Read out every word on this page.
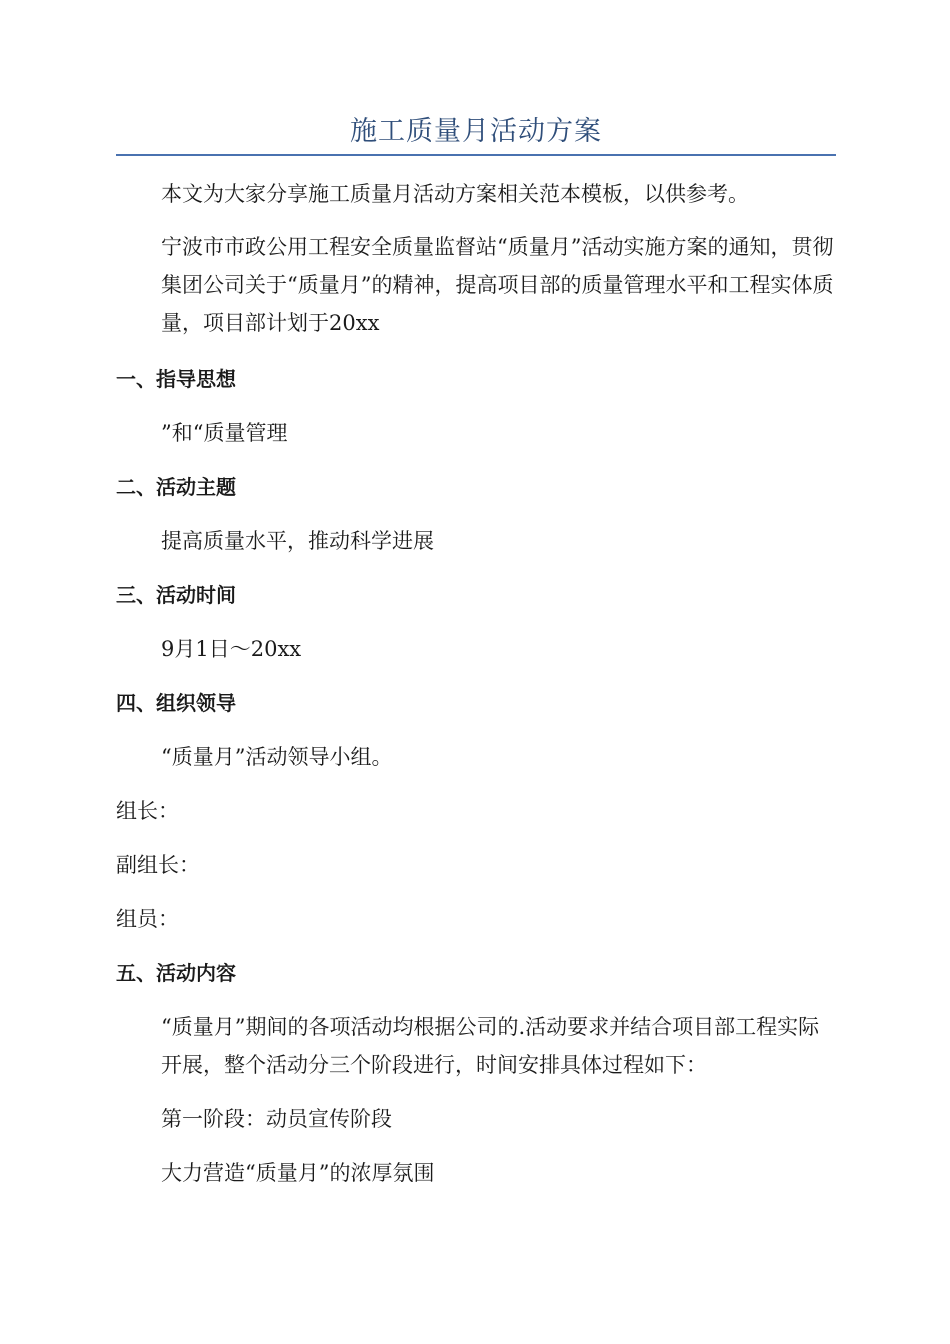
施工质量月活动方案

本文为大家分享施工质量月活动方案相关范本模板，以供参考。

宁波市市政公用工程安全质量监督站“质量月”活动实施方案的通知，贯彻集团公司关于“质量月”的精神，提高项目部的质量管理水平和工程实体质量，项目部计划于20xx

一、指导思想

”和“质量管理

二、活动主题

提高质量水平，推动科学进展

三、活动时间

9月1日～20xx

四、组织领导

“质量月”活动领导小组。

组长：

副组长：

组员：

五、活动内容

“质量月”期间的各项活动均根据公司的.活动要求并结合项目部工程实际开展，整个活动分三个阶段进行，时间安排具体过程如下：

第一阶段：动员宣传阶段

大力营造“质量月”的浓厚氛围
